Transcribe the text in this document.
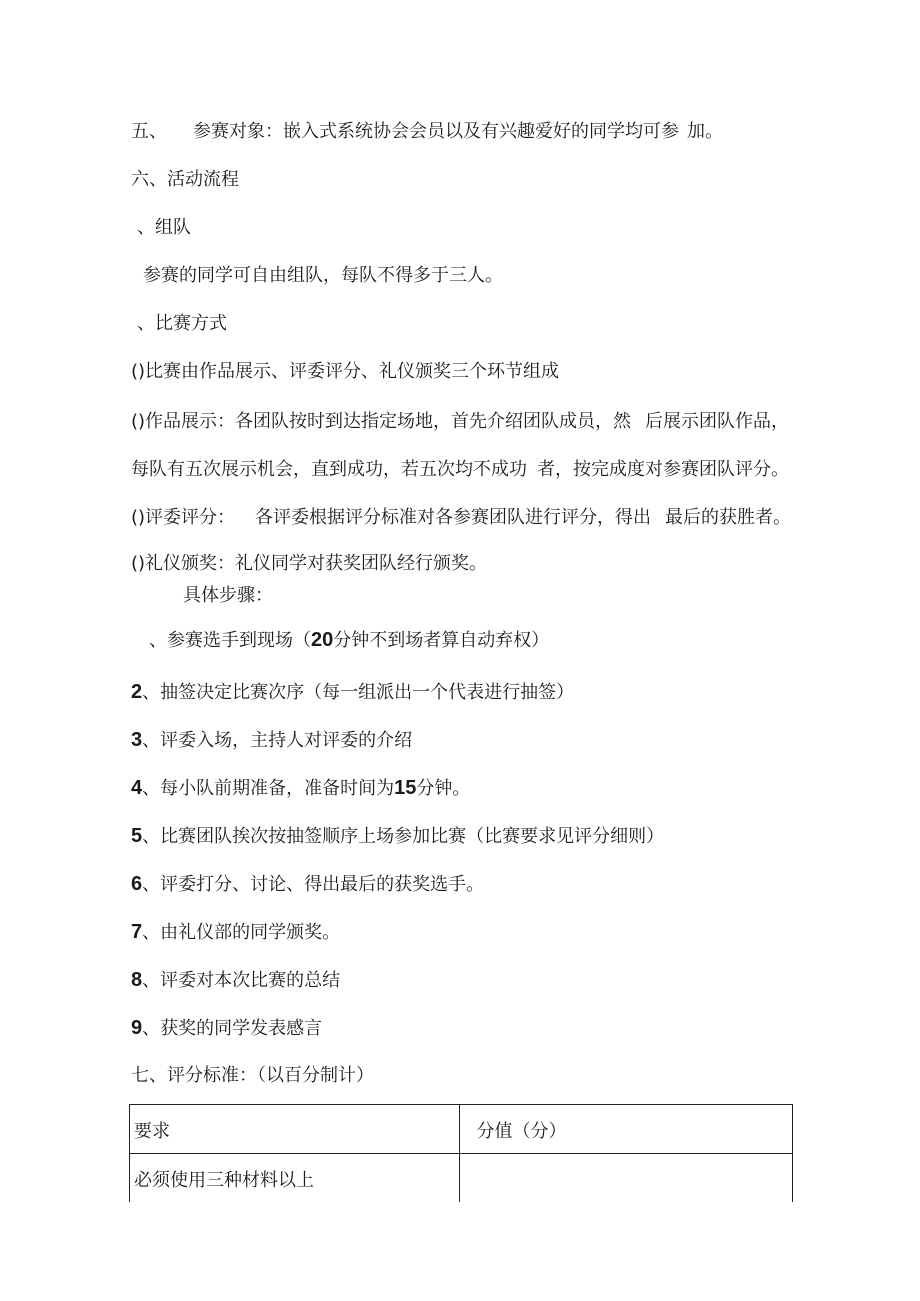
五、 参赛对象：嵌入式系统协会会员以及有兴趣爱好的同学均可参 加。
六、活动流程
、组队
参赛的同学可自由组队，每队不得多于三人。
、比赛方式
()比赛由作品展示、评委评分、礼仪颁奖三个环节组成
()作品展示：各团队按时到达指定场地，首先介绍团队成员，然 后展示团队作品，
每队有五次展示机会，直到成功，若五次均不成功 者，按完成度对参赛团队评分。
()评委评分： 各评委根据评分标准对各参赛团队进行评分，得出 最后的获胜者。
()礼仪颁奖：礼仪同学对获奖团队经行颁奖。
具体步骤：
、参赛选手到现场（20分钟不到场者算自动弃权）
2、抽签决定比赛次序（每一组派出一个代表进行抽签）
3、评委入场，主持人对评委的介绍
4、每小队前期准备，准备时间为15分钟。
5、比赛团队挨次按抽签顺序上场参加比赛（比赛要求见评分细则）
6、评委打分、讨论、得出最后的获奖选手。
7、由礼仪部的同学颁奖。
8、评委对本次比赛的总结
9、获奖的同学发表感言
七、评分标准：（以百分制计）
要求	分值（分）
必须使用三种材料以上	
